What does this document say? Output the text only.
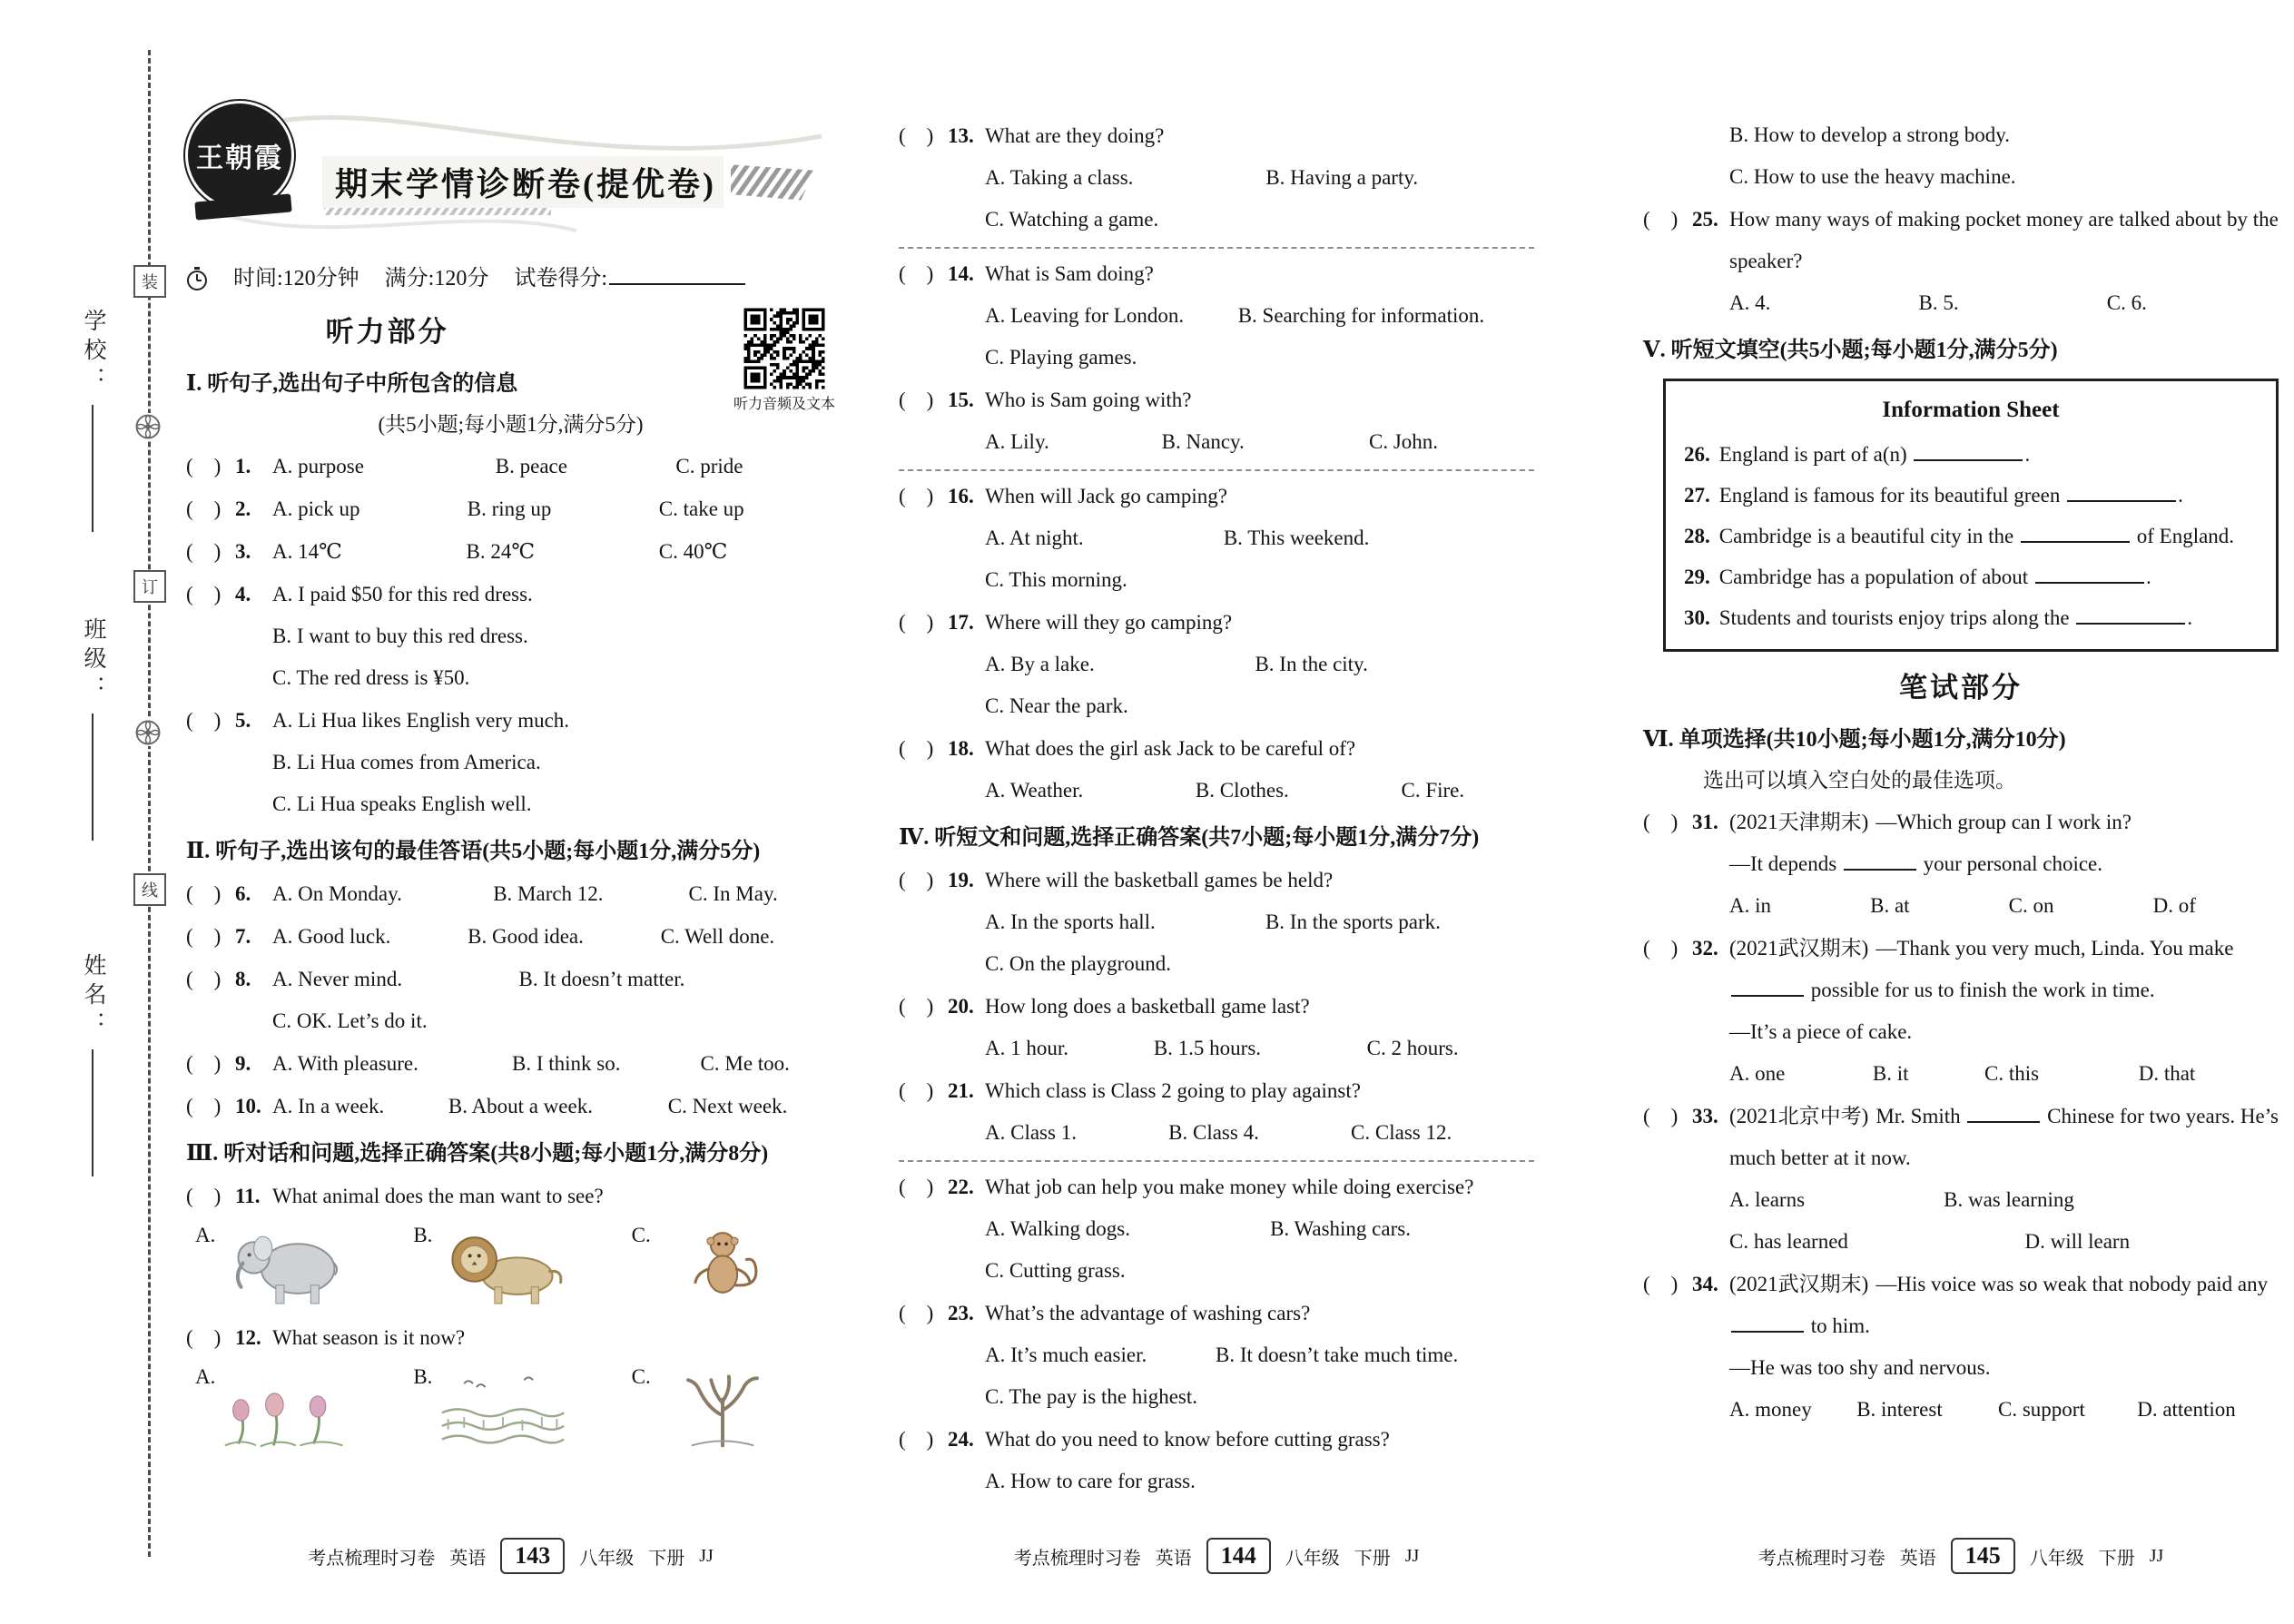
学校：
班级：
姓名：
装
订
线
王朝霞
期末学情诊断卷(提优卷)
时间:120分钟 满分:120分 试卷得分:
听力音频及文本
听力部分
Ⅰ. 听句子,选出句子中所包含的信息
(共5小题;每小题1分,满分5分)
(    ) 1.	A. purpose	B. peace	C. pride
(    ) 2.	A. pick up	B. ring up	C. take up
(    ) 3.	A. 14℃	B. 24℃	C. 40℃
(    ) 4.	A. I paid $50 for this red dress.
B. I want to buy this red dress.
C. The red dress is ¥50.
(    ) 5.	A. Li Hua likes English very much.
B. Li Hua comes from America.
C. Li Hua speaks English well.
Ⅱ. 听句子,选出该句的最佳答语(共5小题;每小题1分,满分5分)
(    ) 6.	A. On Monday.	B. March 12.	C. In May.
(    ) 7.	A. Good luck.	B. Good idea.	C. Well done.
(    ) 8.	A. Never mind.	B. It doesn’t matter.
C. OK. Let’s do it.
(    ) 9.	A. With pleasure.	B. I think so.	C. Me too.
(    ) 10. A. In a week.	B. About a week.	C. Next week.
Ⅲ. 听对话和问题,选择正确答案(共8小题;每小题1分,满分8分)
(    ) 11. What animal does the man want to see?
A.	B.	C.
(    ) 12. What season is it now?
A.	B.	C.
(    ) 13. What are they doing?
A. Taking a class.	B. Having a party.
C. Watching a game.
(    ) 14. What is Sam doing?
A. Leaving for London.	B. Searching for information.
C. Playing games.
(    ) 15. Who is Sam going with?
A. Lily.	B. Nancy.	C. John.
(    ) 16. When will Jack go camping?
A. At night.	B. This weekend.
C. This morning.
(    ) 17. Where will they go camping?
A. By a lake.	B. In the city.
C. Near the park.
(    ) 18. What does the girl ask Jack to be careful of?
A. Weather.	B. Clothes.	C. Fire.
Ⅳ. 听短文和问题,选择正确答案(共7小题;每小题1分,满分7分)
(    ) 19. Where will the basketball games be held?
A. In the sports hall.	B. In the sports park.
C. On the playground.
(    ) 20. How long does a basketball game last?
A. 1 hour.	B. 1.5 hours.	C. 2 hours.
(    ) 21. Which class is Class 2 going to play against?
A. Class 1.	B. Class 4.	C. Class 12.
(    ) 22. What job can help you make money while doing exercise?
A. Walking dogs.	B. Washing cars.
C. Cutting grass.
(    ) 23. What’s the advantage of washing cars?
A. It’s much easier.	B. It doesn’t take much time.
C. The pay is the highest.
(    ) 24. What do you need to know before cutting grass?
A. How to care for grass.
B. How to develop a strong body.
C. How to use the heavy machine.
(    ) 25. How many ways of making pocket money are talked about by the speaker?
A. 4.	B. 5.	C. 6.
Ⅴ. 听短文填空(共5小题;每小题1分,满分5分)
Information Sheet
26. England is part of a(n)	.
27. England is famous for its beautiful green	.
28. Cambridge is a beautiful city in the	of England.
29. Cambridge has a population of about	.
30. Students and tourists enjoy trips along the	.
笔试部分
Ⅵ. 单项选择(共10小题;每小题1分,满分10分)
选出可以填入空白处的最佳选项。
(    ) 31. (2021天津期末) —Which group can I work in?
—It depends	your personal choice.
A. in	B. at	C. on	D. of
(    ) 32. (2021武汉期末) —Thank you very much, Linda. You make  possible for us to finish the work in time.
—It’s a piece of cake.
A. one	B. it	C. this	D. that
(    ) 33. (2021北京中考) Mr. Smith	Chinese for two years. He’s much better at it now.
A. learns	B. was learning
C. has learned	D. will learn
(    ) 34. (2021武汉期末) —His voice was so weak that nobody paid any  to him.
—He was too shy and nervous.
A. money	B. interest	C. support	D. attention
考点梳理时习卷 英语	143	八年级 下册 JJ	考点梳理时习卷 英语	144	八年级 下册 JJ	考点梳理时习卷 英语	145	八年级 下册 JJ
